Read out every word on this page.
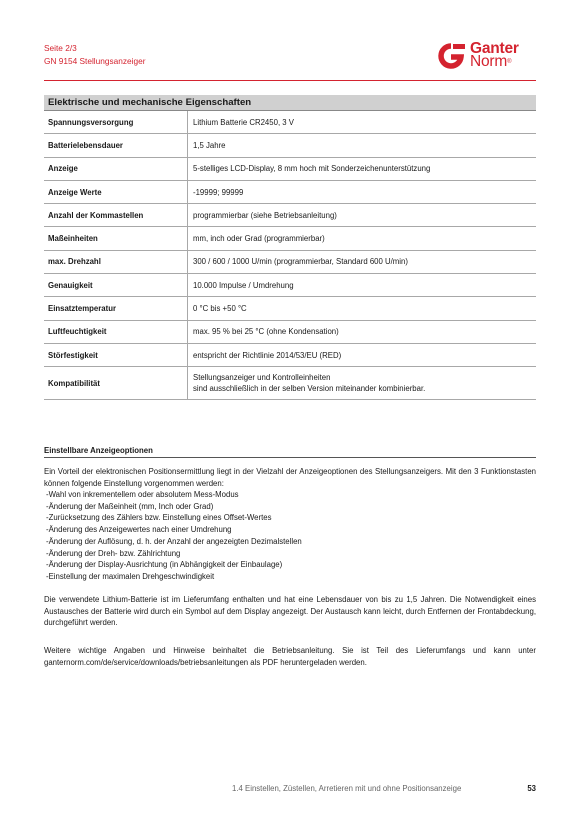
Seite 2/3
GN 9154 Stellungsanzeiger
Ganter
Norm®
Elektrische und mechanische Eigenschaften	
Spannungsversorgung	Lithium Batterie CR2450, 3 V
Batterielebensdauer	1,5 Jahre
Anzeige	5-stelliges LCD-Display, 8 mm hoch mit Sonderzeichenunterstützung
Anzeige Werte	-19999; 99999
Anzahl der Kommastellen	programmierbar (siehe Betriebsanleitung)
Maßeinheiten	mm, inch oder Grad (programmierbar)
max. Drehzahl	300 / 600 / 1000 U/min (programmierbar, Standard 600 U/min)
Genauigkeit	10.000 Impulse / Umdrehung
Einsatztemperatur	0 °C bis +50 °C
Luftfeuchtigkeit	max. 95 % bei 25 °C (ohne Kondensation)
Störfestigkeit	entspricht der Richtlinie 2014/53/EU (RED)
Kompatibilität	Stellungsanzeiger und Kontrolleinheiten
sind ausschließlich in der selben Version miteinander kombinierbar.
Einstellbare Anzeigeoptionen
Ein Vorteil der elektronischen Positionsermittlung liegt in der Vielzahl der Anzeigeoptionen des Stellungsanzeigers. Mit den 3 Funktionstasten können folgende Einstellung vorgenommen werden:
- Wahl von inkrementellem oder absolutem Mess-Modus
- Änderung der Maßeinheit (mm, Inch oder Grad)
- Zurücksetzung des Zählers bzw. Einstellung eines Offset-Wertes
- Änderung des Anzeigewertes nach einer Umdrehung
- Änderung der Auflösung, d. h. der Anzahl der angezeigten Dezimalstellen
- Änderung der Dreh- bzw. Zählrichtung
- Änderung der Display-Ausrichtung (in Abhängigkeit der Einbaulage)
- Einstellung der maximalen Drehgeschwindigkeit
Die verwendete Lithium-Batterie ist im Lieferumfang enthalten und hat eine Lebensdauer von bis zu 1,5 Jahren. Die Notwendigkeit eines Austausches der Batterie wird durch ein Symbol auf dem Display angezeigt. Der Austausch kann leicht, durch Entfernen der Frontabdeckung, durchgeführt werden.
Weitere wichtige Angaben und Hinweise beinhaltet die Betriebsanleitung. Sie ist Teil des Lieferumfangs und kann unter ganternorm.com/de/service/downloads/betriebsanleitungen als PDF heruntergeladen werden.
1.4 Einstellen, Züstellen, Arretieren mit und ohne Positionsanzeige	53
